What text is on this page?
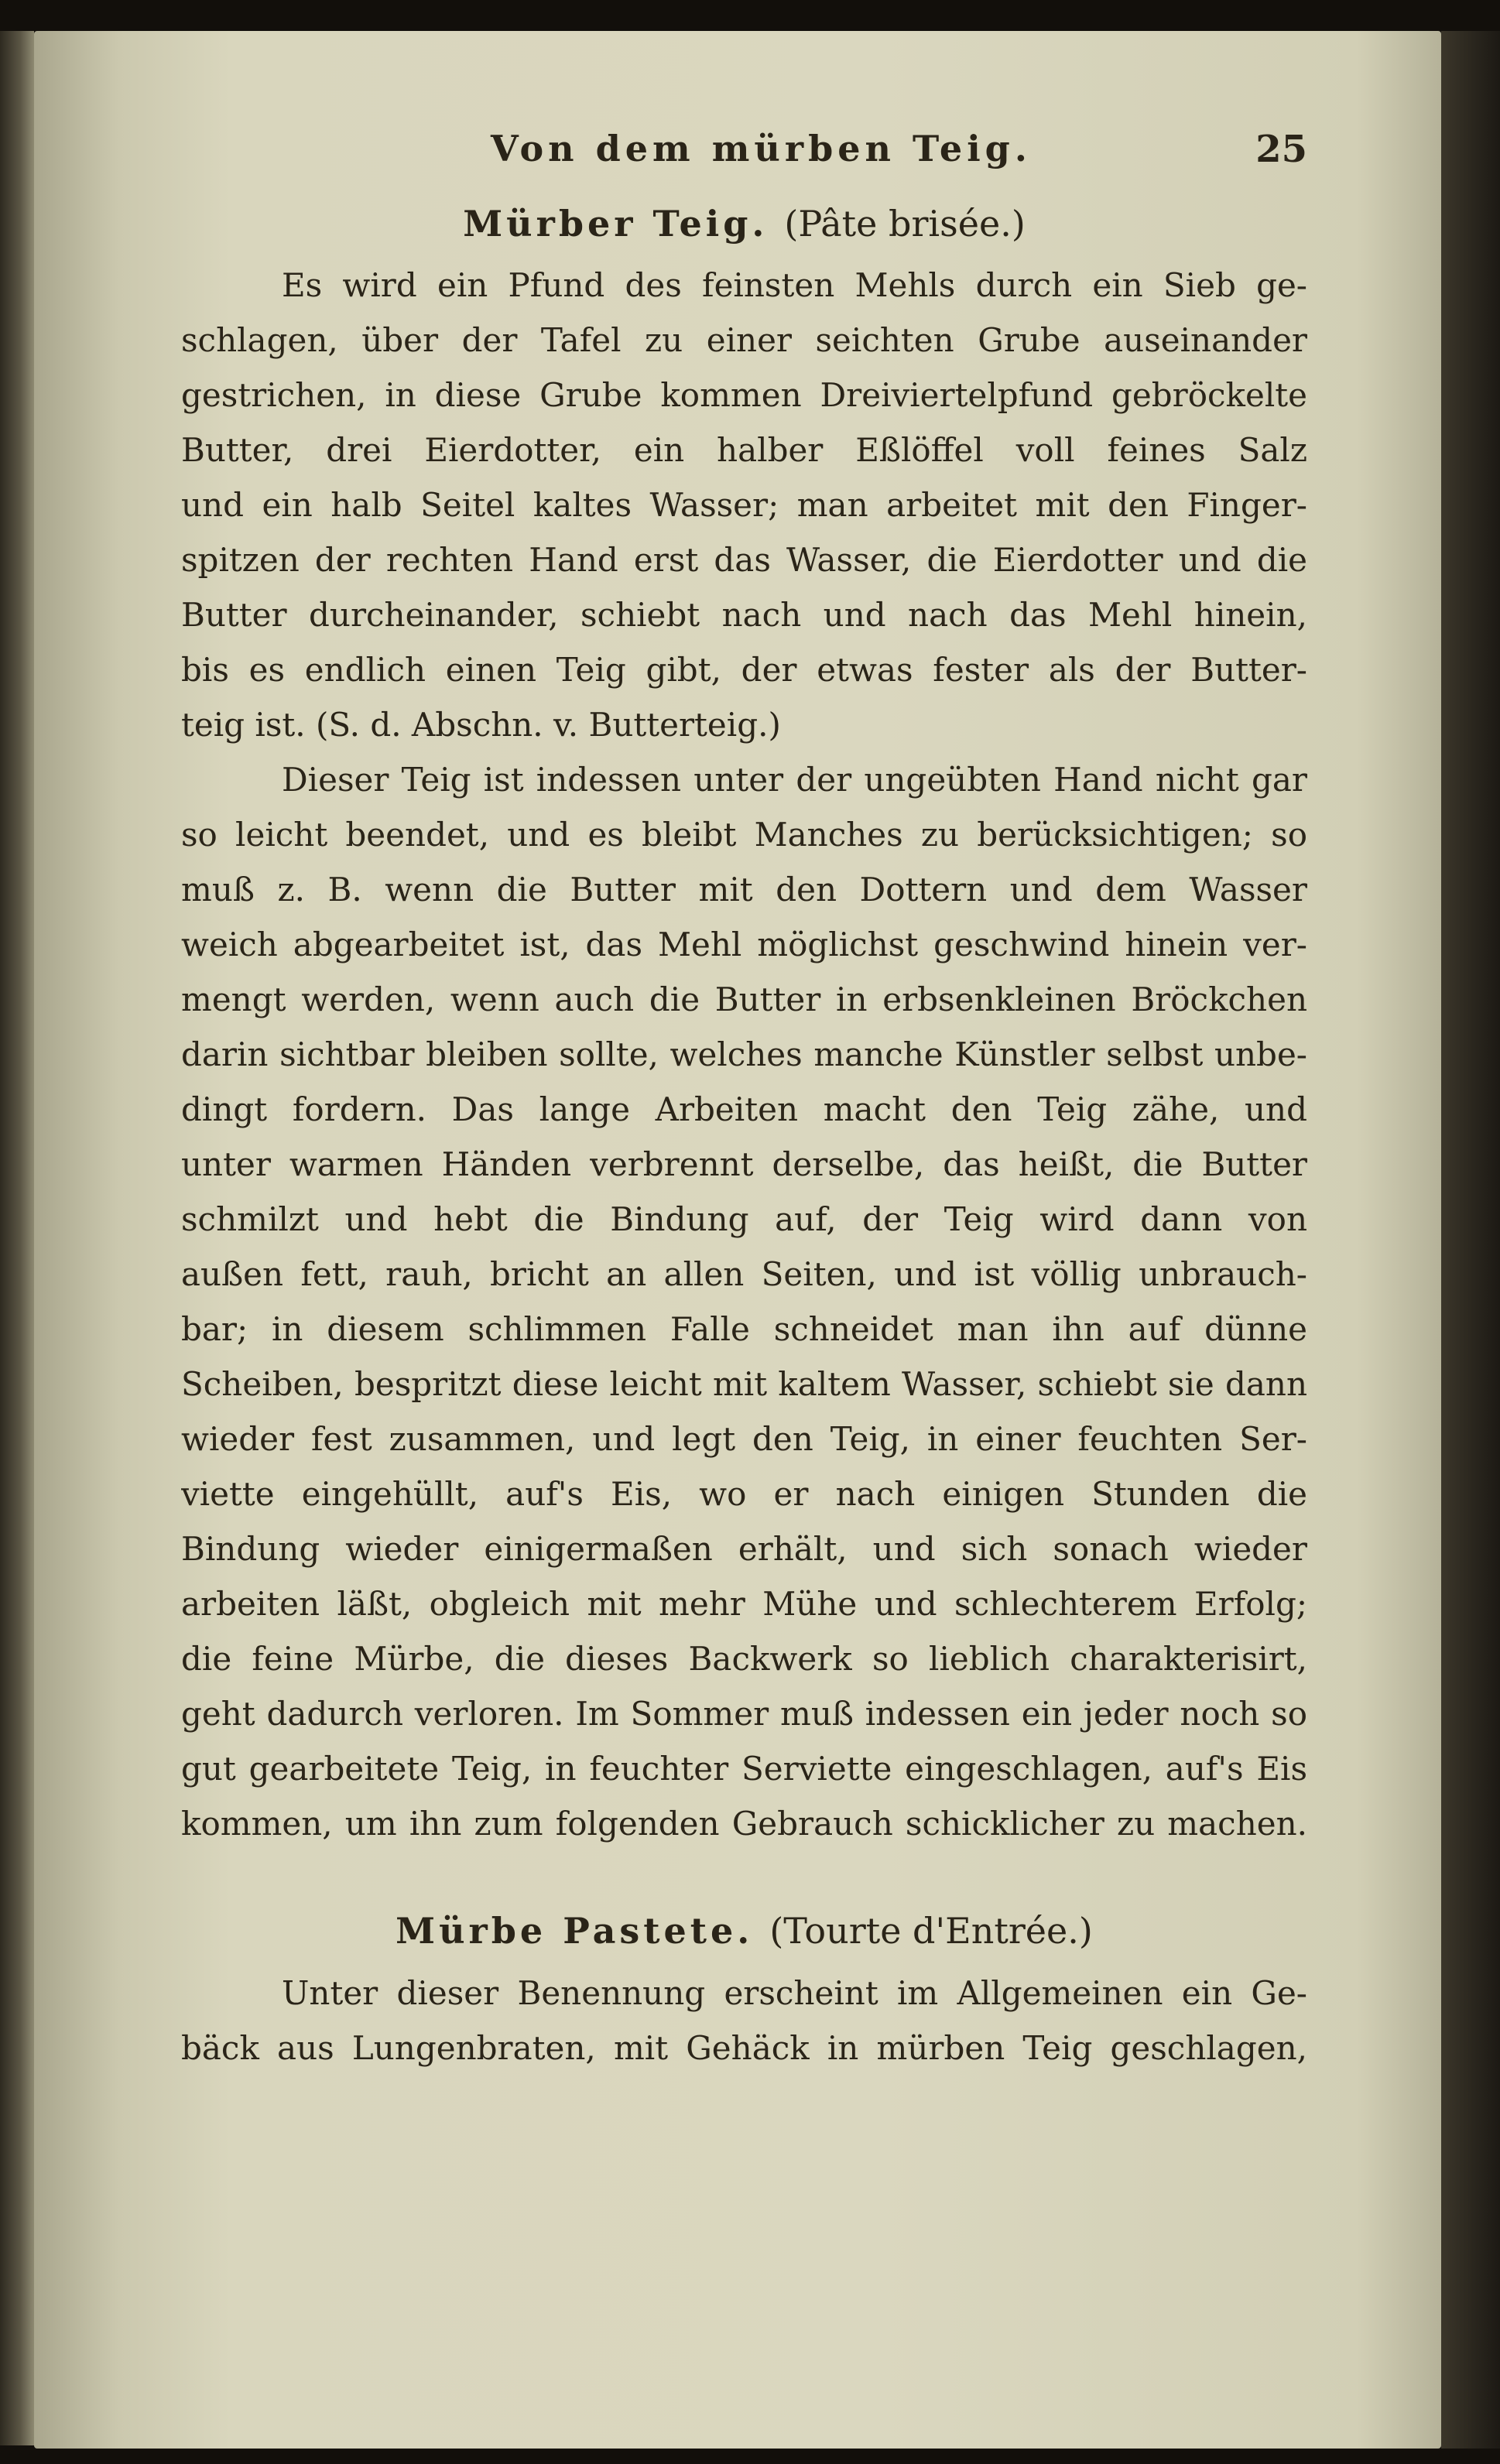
Von dem mürben Teig.	25
Mürber Teig. (Pâte brisée.)
Es wird ein Pfund des feinsten Mehls durch ein Sieb ge-
schlagen, über der Tafel zu einer seichten Grube auseinander
gestrichen, in diese Grube kommen Dreiviertelpfund gebröckelte
Butter, drei Eierdotter, ein halber Eßlöffel voll feines Salz
und ein halb Seitel kaltes Wasser; man arbeitet mit den Finger-
spitzen der rechten Hand erst das Wasser, die Eierdotter und die
Butter durcheinander, schiebt nach und nach das Mehl hinein,
bis es endlich einen Teig gibt, der etwas fester als der Butter-
teig ist. (S. d. Abschn. v. Butterteig.)
Dieser Teig ist indessen unter der ungeübten Hand nicht gar
so leicht beendet, und es bleibt Manches zu berücksichtigen; so
muß z. B. wenn die Butter mit den Dottern und dem Wasser
weich abgearbeitet ist, das Mehl möglichst geschwind hinein ver-
mengt werden, wenn auch die Butter in erbsenkleinen Bröckchen
darin sichtbar bleiben sollte, welches manche Künstler selbst unbe-
dingt fordern. Das lange Arbeiten macht den Teig zähe, und
unter warmen Händen verbrennt derselbe, das heißt, die Butter
schmilzt und hebt die Bindung auf, der Teig wird dann von
außen fett, rauh, bricht an allen Seiten, und ist völlig unbrauch-
bar; in diesem schlimmen Falle schneidet man ihn auf dünne
Scheiben, bespritzt diese leicht mit kaltem Wasser, schiebt sie dann
wieder fest zusammen, und legt den Teig, in einer feuchten Ser-
viette eingehüllt, auf's Eis, wo er nach einigen Stunden die
Bindung wieder einigermaßen erhält, und sich sonach wieder
arbeiten läßt, obgleich mit mehr Mühe und schlechterem Erfolg;
die feine Mürbe, die dieses Backwerk so lieblich charakterisirt,
geht dadurch verloren. Im Sommer muß indessen ein jeder noch so
gut gearbeitete Teig, in feuchter Serviette eingeschlagen, auf's Eis
kommen, um ihn zum folgenden Gebrauch schicklicher zu machen.
Mürbe Pastete. (Tourte d'Entrée.)
Unter dieser Benennung erscheint im Allgemeinen ein Ge-
bäck aus Lungenbraten, mit Gehäck in mürben Teig geschlagen,
